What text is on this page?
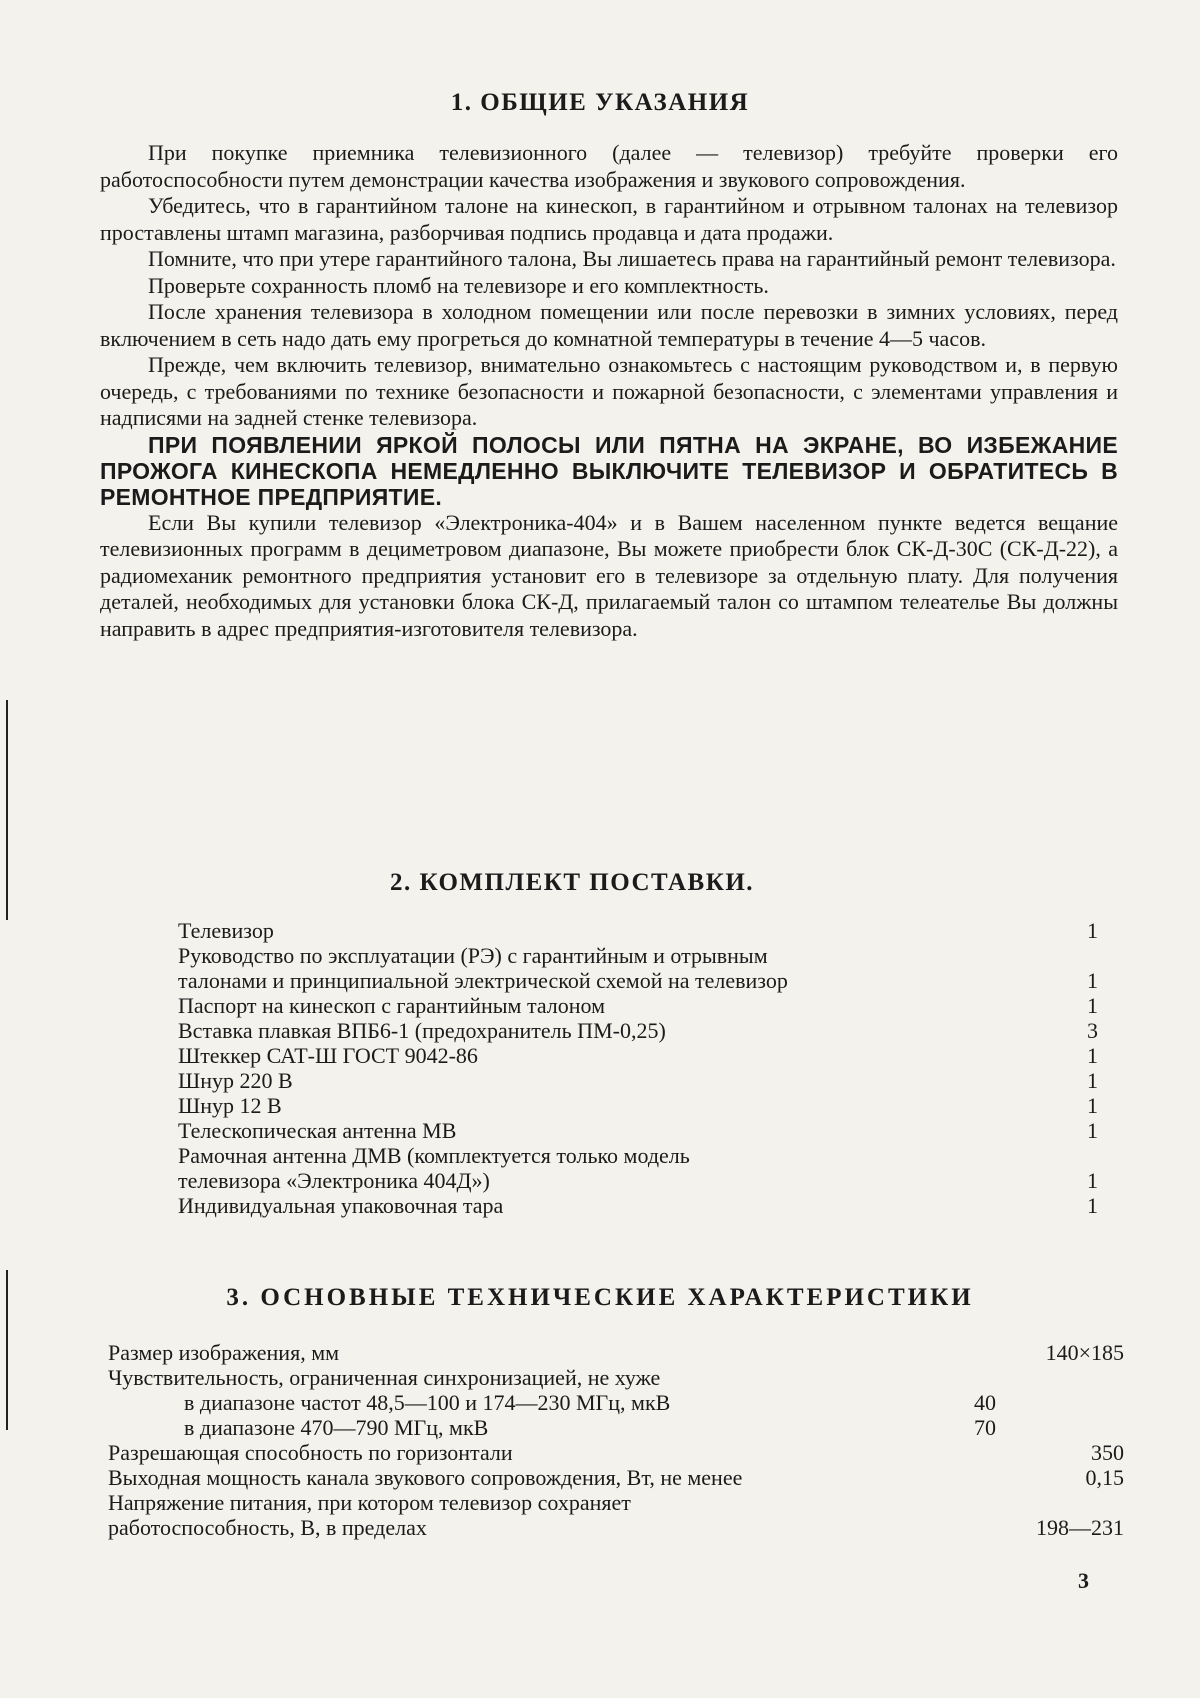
1. ОБЩИЕ УКАЗАНИЯ

При покупке приемника телевизионного (далее — телевизор) требуйте проверки его работоспособности путем демонстрации качества изображения и звукового сопровождения.

Убедитесь, что в гарантийном талоне на кинескоп, в гарантийном и отрывном талонах на телевизор проставлены штамп магазина, разборчивая подпись продавца и дата продажи.

Помните, что при утере гарантийного талона, Вы лишаетесь права на гарантийный ремонт телевизора.

Проверьте сохранность пломб на телевизоре и его комплектность.

После хранения телевизора в холодном помещении или после перевозки в зимних условиях, перед включением в сеть надо дать ему прогреться до комнатной температуры в течение 4—5 часов.

Прежде, чем включить телевизор, внимательно ознакомьтесь с настоящим руководством и, в первую очередь, с требованиями по технике безопасности и пожарной безопасности, с элементами управления и надписями на задней стенке телевизора.

ПРИ ПОЯВЛЕНИИ ЯРКОЙ ПОЛОСЫ ИЛИ ПЯТНА НА ЭКРАНЕ, ВО ИЗБЕЖАНИЕ ПРОЖОГА КИНЕСКОПА НЕМЕДЛЕННО ВЫКЛЮЧИТЕ ТЕЛЕВИЗОР И ОБРАТИТЕСЬ В РЕМОНТНОЕ ПРЕДПРИЯТИЕ.

Если Вы купили телевизор «Электроника-404» и в Вашем населенном пункте ведется вещание телевизионных программ в дециметровом диапазоне, Вы можете приобрести блок СК-Д-30С (СК-Д-22), а радиомеханик ремонтного предприятия установит его в телевизоре за отдельную плату. Для получения деталей, необходимых для установки блока СК-Д, прилагаемый талон со штампом телеателье Вы должны направить в адрес предприятия-изготовителя телевизора.

2. КОМПЛЕКТ ПОСТАВКИ.
Телевизор	1
Руководство по эксплуатации (РЭ) с гарантийным и отрывным
талонами и принципиальной электрической схемой на телевизор	1
Паспорт на кинескоп с гарантийным талоном	1
Вставка плавкая ВПБ6-1 (предохранитель ПМ-0,25)	3
Штеккер САТ-Ш ГОСТ 9042-86	1
Шнур 220 В	1
Шнур 12 В	1
Телескопическая антенна МВ	1
Рамочная антенна ДМВ (комплектуется только модель
телевизора «Электроника 404Д»)	1
Индивидуальная упаковочная тара	1
3. ОСНОВНЫЕ ТЕХНИЧЕСКИЕ ХАРАКТЕРИСТИКИ
Размер изображения, мм	140×185
Чувствительность, ограниченная синхронизацией, не хуже
в диапазоне частот 48,5—100 и 174—230 МГц, мкВ	40
в диапазоне 470—790 МГц, мкВ	70
Разрешающая способность по горизонтали	350
Выходная мощность канала звукового сопровождения, Вт, не менее	0,15
Напряжение питания, при котором телевизор сохраняет
работоспособность, В, в пределах	198—231
3
